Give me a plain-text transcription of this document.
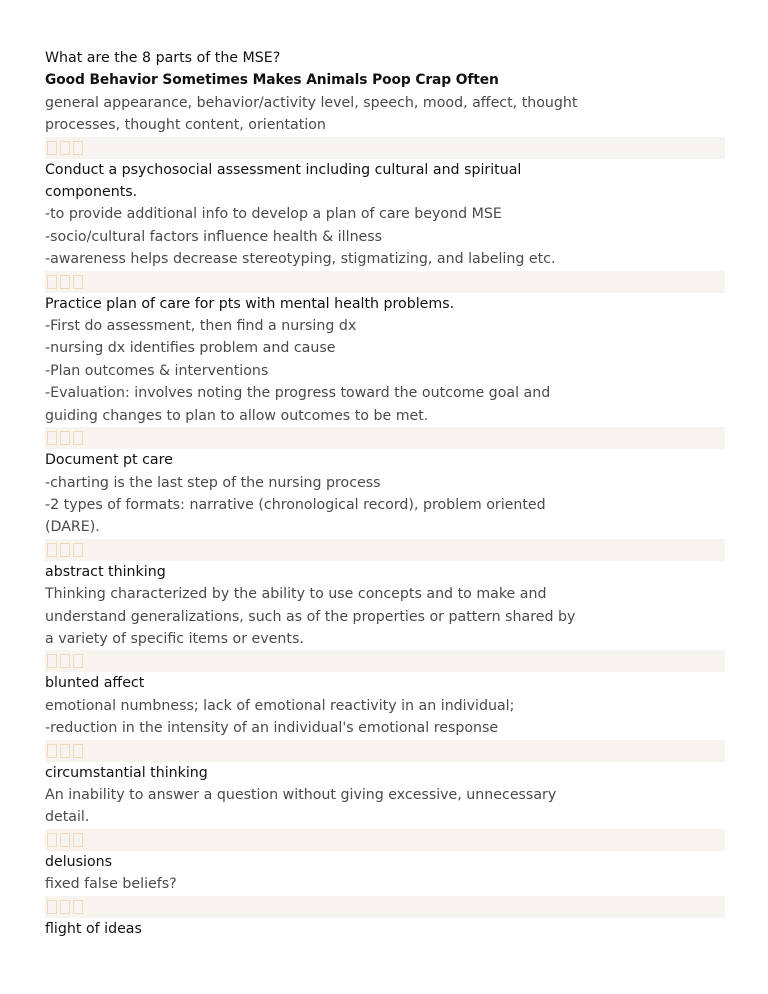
What are the 8 parts of the MSE?
Good Behavior Sometimes Makes Animals Poop Crap Often
general appearance, behavior/activity level, speech, mood, affect, thought
processes, thought content, orientation
Conduct a psychosocial assessment including cultural and spiritual components.
-to provide additional info to develop a plan of care beyond MSE
-socio/cultural factors influence health & illness
-awareness helps decrease stereotyping, stigmatizing, and labeling etc.
Practice plan of care for pts with mental health problems.
-First do assessment, then find a nursing dx
-nursing dx identifies problem and cause
-Plan outcomes & interventions
-Evaluation: involves noting the progress toward the outcome goal and
guiding changes to plan to allow outcomes to be met.
Document pt care
-charting is the last step of the nursing process
-2 types of formats: narrative (chronological record), problem oriented
(DARE).
abstract thinking
Thinking characterized by the ability to use concepts and to make and
understand generalizations, such as of the properties or pattern shared by
a variety of specific items or events.
blunted affect
emotional numbness; lack of emotional reactivity in an individual;
-reduction in the intensity of an individual's emotional response
circumstantial thinking
An inability to answer a question without giving excessive, unnecessary
detail.
delusions
fixed false beliefs?
flight of ideas
